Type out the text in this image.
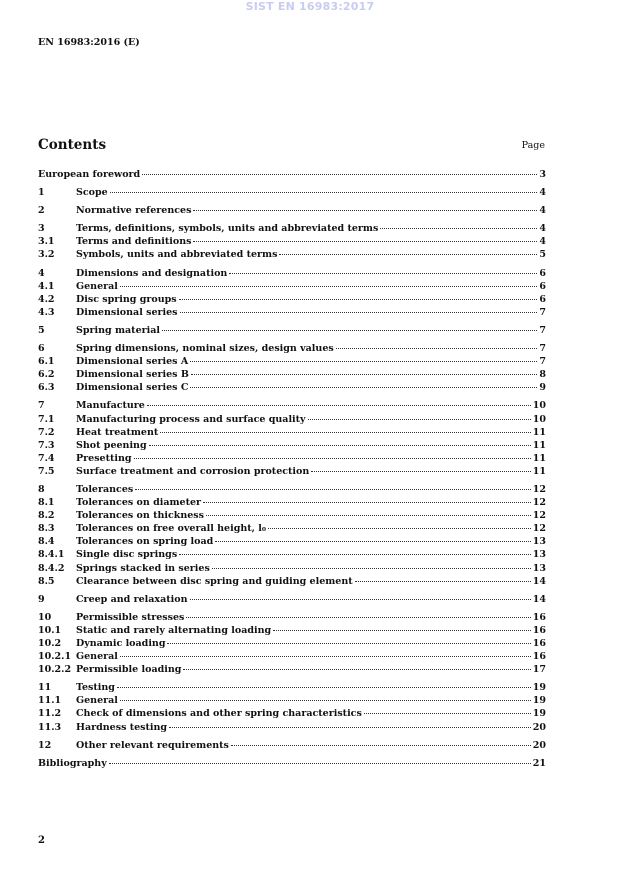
SIST EN 16983:2017
EN 16983:2016 (E)
Contents	Page
European foreword	3
1	Scope	4
2	Normative references	4
3	Terms, definitions, symbols, units and abbreviated terms	4
3.1	Terms and definitions	4
3.2	Symbols, units and abbreviated terms	5
4	Dimensions and designation	6
4.1	General	6
4.2	Disc spring groups	6
4.3	Dimensional series	7
5	Spring material	7
6	Spring dimensions, nominal sizes, design values	7
6.1	Dimensional series A	7
6.2	Dimensional series B	8
6.3	Dimensional series C	9
7	Manufacture	10
7.1	Manufacturing process and surface quality	10
7.2	Heat treatment	11
7.3	Shot peening	11
7.4	Presetting	11
7.5	Surface treatment and corrosion protection	11
8	Tolerances	12
8.1	Tolerances on diameter	12
8.2	Tolerances on thickness	12
8.3	Tolerances on free overall height, l₀	12
8.4	Tolerances on spring load	13
8.4.1	Single disc springs	13
8.4.2	Springs stacked in series	13
8.5	Clearance between disc spring and guiding element	14
9	Creep and relaxation	14
10	Permissible stresses	16
10.1	Static and rarely alternating loading	16
10.2	Dynamic loading	16
10.2.1 General	16
10.2.2 Permissible loading	17
11	Testing	19
11.1	General	19
11.2	Check of dimensions and other spring characteristics	19
11.3	Hardness testing	20
12	Other relevant requirements	20
Bibliography	21
2
